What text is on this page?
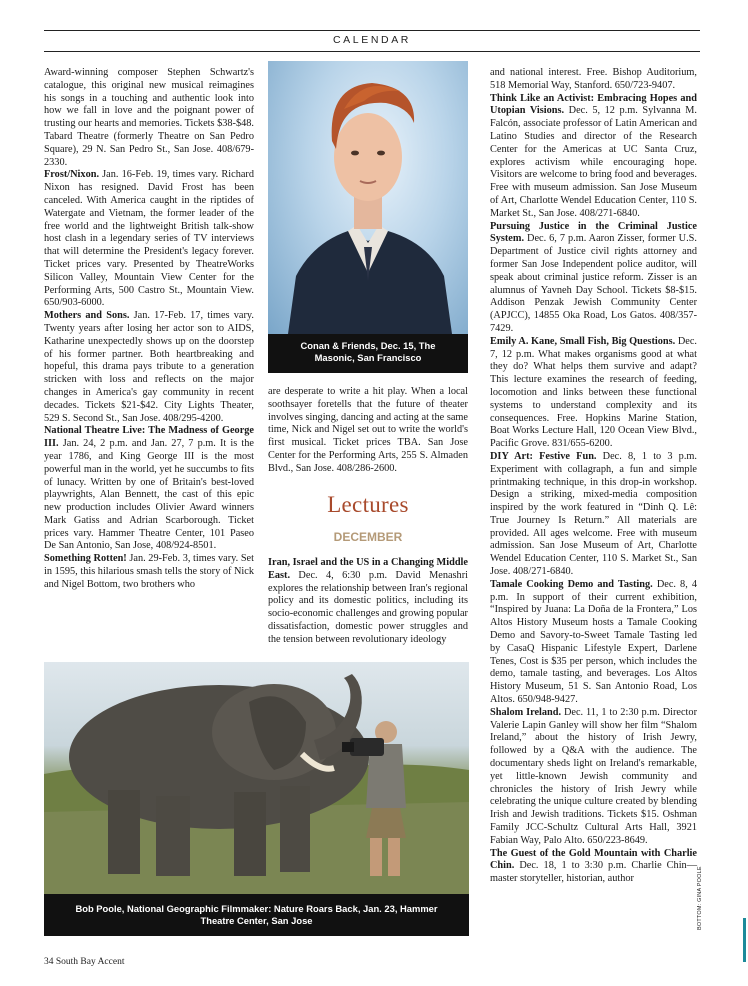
CALENDAR

Award-winning composer Stephen Schwartz's catalogue, this original new musical reimagines his songs in a touching and authentic look into how we fall in love and the poignant power of trusting our hearts and memories. Tickets $38-$48. Tabard Theatre (formerly Theatre on San Pedro Square), 29 N. San Pedro St., San Jose. 408/679-2330.

Frost/Nixon. Jan. 16-Feb. 19, times vary. Richard Nixon has resigned. David Frost has been canceled. With America caught in the riptides of Watergate and Vietnam, the former leader of the free world and the lightweight British talk-show host clash in a legendary series of TV interviews that will determine the President's legacy forever. Ticket prices vary. Presented by TheatreWorks Silicon Valley, Mountain View Center for the Performing Arts, 500 Castro St., Mountain View. 650/903-6000.

Mothers and Sons. Jan. 17-Feb. 17, times vary. Twenty years after losing her actor son to AIDS, Katharine unexpectedly shows up on the doorstep of his former partner. Both heartbreaking and hopeful, this drama pays tribute to a generation stricken with loss and reflects on the major changes in America's gay community in recent decades. Tickets $21-$42. City Lights Theater, 529 S. Second St., San Jose. 408/295-4200.

National Theatre Live: The Madness of George III. Jan. 24, 2 p.m. and Jan. 27, 7 p.m. It is the year 1786, and King George III is the most powerful man in the world, yet he succumbs to fits of lunacy. Written by one of Britain's best-loved playwrights, Alan Bennett, the cast of this epic new production includes Olivier Award winners Mark Gatiss and Adrian Scarborough. Ticket prices vary. Hammer Theatre Center, 101 Paseo De San Antonio, San Jose, 408/924-8501.

Something Rotten! Jan. 29-Feb. 3, times vary. Set in 1595, this hilarious smash tells the story of Nick and Nigel Bottom, two brothers who

Conan & Friends, Dec. 15, The Masonic, San Francisco

are desperate to write a hit play. When a local soothsayer foretells that the future of theater involves singing, dancing and acting at the same time, Nick and Nigel set out to write the world's first musical. Ticket prices TBA. San Jose Center for the Performing Arts, 255 S. Almaden Blvd., San Jose. 408/286-2600.

Lectures
DECEMBER

Iran, Israel and the US in a Changing Middle East. Dec. 4, 6:30 p.m. David Menashri explores the relationship between Iran's regional policy and its domestic politics, including its socio-economic challenges and growing popular dissatisfaction, domestic power struggles and the tension between revolutionary ideology

Bob Poole, National Geographic Filmmaker: Nature Roars Back, Jan. 23, Hammer Theatre Center, San Jose

and national interest. Free. Bishop Auditorium, 518 Memorial Way, Stanford. 650/723-9407.

Think Like an Activist: Embracing Hopes and Utopian Visions. Dec. 5, 12 p.m. Sylvanna M. Falcón, associate professor of Latin American and Latino Studies and director of the Research Center for the Americas at UC Santa Cruz, explores activism while encouraging hope. Visitors are welcome to bring food and beverages. Free with museum admission. San Jose Museum of Art, Charlotte Wendel Education Center, 110 S. Market St., San Jose. 408/271-6840.

Pursuing Justice in the Criminal Justice System. Dec. 6, 7 p.m. Aaron Zisser, former U.S. Department of Justice civil rights attorney and former San Jose Independent police auditor, will speak about criminal justice reform. Zisser is an alumnus of Yavneh Day School. Tickets $8-$15. Addison Penzak Jewish Community Center (APJCC), 14855 Oka Road, Los Gatos. 408/357-7429.

Emily A. Kane, Small Fish, Big Questions. Dec. 7, 12 p.m. What makes organisms good at what they do? What helps them survive and adapt? This lecture examines the research of feeding, locomotion and links between these functional systems to understand complexity and its consequences. Free. Hopkins Marine Station, Boat Works Lecture Hall, 120 Ocean View Blvd., Pacific Grove. 831/655-6200.

DIY Art: Festive Fun. Dec. 8, 1 to 3 p.m. Experiment with collagraph, a fun and simple printmaking technique, in this drop-in workshop. Design a striking, mixed-media composition inspired by the work featured in “Dinh Q. Lê: True Journey Is Return.” All materials are provided. All ages welcome. Free with museum admission. San Jose Museum of Art, Charlotte Wendel Education Center, 110 S. Market St., San Jose. 408/271-6840.

Tamale Cooking Demo and Tasting. Dec. 8, 4 p.m. In support of their current exhibition, “Inspired by Juana: La Doña de la Frontera,” Los Altos History Museum hosts a Tamale Cooking Demo and Savory-to-Sweet Tamale Tasting led by CasaQ Hispanic Lifestyle Expert, Darlene Tenes, Cost is $35 per person, which includes the demo, tamale tasting, and beverages. Los Altos History Museum, 51 S. San Antonio Road, Los Altos. 650/948-9427.

Shalom Ireland. Dec. 11, 1 to 2:30 p.m. Director Valerie Lapin Ganley will show her film “Shalom Ireland,” about the history of Irish Jewry, followed by a Q&A with the audience. The documentary sheds light on Ireland's remarkable, yet little-known Jewish community and chronicles the history of Irish Jewry while celebrating the unique culture created by blending Irish and Jewish traditions. Tickets $15. Oshman Family JCC-Schultz Cultural Arts Hall, 3921 Fabian Way, Palo Alto. 650/223-8649.

The Guest of the Gold Mountain with Charlie Chin. Dec. 18, 1 to 3:30 p.m. Charlie Chin—master storyteller, historian, author	BOTTOM: GINA POOLE
34 South Bay Accent
